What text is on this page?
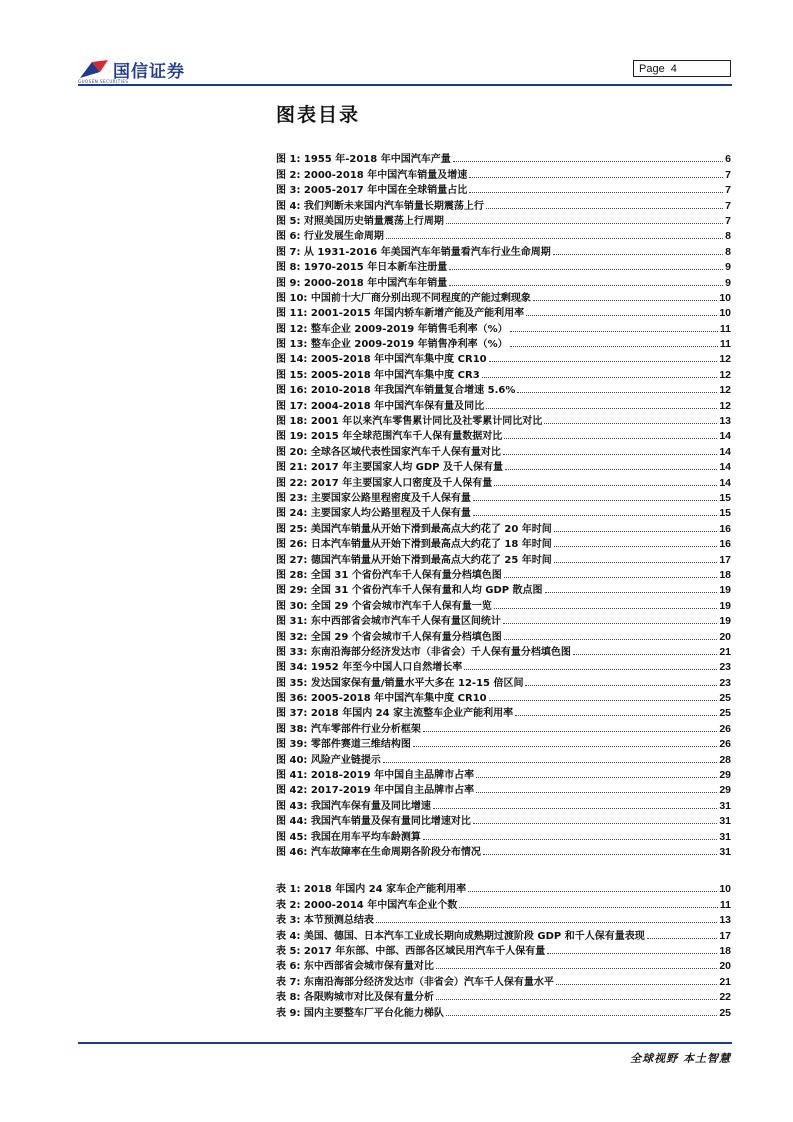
国信证券
GUOSEN SECURITIES
Page 4
图表目录
图 1: 1955 年-2018 年中国汽车产量	6
图 2: 2000-2018 年中国汽车销量及增速	7
图 3: 2005-2017 年中国在全球销量占比	7
图 4: 我们判断未来国内汽车销量长期震荡上行	7
图 5: 对照美国历史销量震荡上行周期	7
图 6: 行业发展生命周期	8
图 7: 从 1931-2016 年美国汽车年销量看汽车行业生命周期	8
图 8: 1970-2015 年日本新车注册量	9
图 9: 2000-2018 年中国汽车年销量	9
图 10: 中国前十大厂商分别出现不同程度的产能过剩现象	10
图 11: 2001-2015 年国内轿车新增产能及产能利用率	10
图 12: 整车企业 2009-2019 年销售毛利率（%）	11
图 13: 整车企业 2009-2019 年销售净利率（%）	11
图 14: 2005-2018 年中国汽车集中度 CR10	12
图 15: 2005-2018 年中国汽车集中度 CR3	12
图 16: 2010-2018 年我国汽车销量复合增速 5.6%	12
图 17: 2004-2018 年中国汽车保有量及同比	12
图 18: 2001 年以来汽车零售累计同比及社零累计同比对比	13
图 19: 2015 年全球范围汽车千人保有量数据对比	14
图 20: 全球各区域代表性国家汽车千人保有量对比	14
图 21: 2017 年主要国家人均 GDP 及千人保有量	14
图 22: 2017 年主要国家人口密度及千人保有量	14
图 23: 主要国家公路里程密度及千人保有量	15
图 24: 主要国家人均公路里程及千人保有量	15
图 25: 美国汽车销量从开始下滑到最高点大约花了 20 年时间	16
图 26: 日本汽车销量从开始下滑到最高点大约花了 18 年时间	16
图 27: 德国汽车销量从开始下滑到最高点大约花了 25 年时间	17
图 28: 全国 31 个省份汽车千人保有量分档填色图	18
图 29: 全国 31 个省份汽车千人保有量和人均 GDP 散点图	19
图 30: 全国 29 个省会城市汽车千人保有量一览	19
图 31: 东中西部省会城市汽车千人保有量区间统计	19
图 32: 全国 29 个省会城市千人保有量分档填色图	20
图 33: 东南沿海部分经济发达市（非省会）千人保有量分档填色图	21
图 34: 1952 年至今中国人口自然增长率	23
图 35: 发达国家保有量/销量水平大多在 12-15 倍区间	23
图 36: 2005-2018 年中国汽车集中度 CR10	25
图 37: 2018 年国内 24 家主流整车企业产能利用率	25
图 38: 汽车零部件行业分析框架	26
图 39: 零部件赛道三维结构图	26
图 40: 风险产业链提示	28
图 41: 2018-2019 年中国自主品牌市占率	29
图 42: 2017-2019 年中国自主品牌市占率	29
图 43: 我国汽车保有量及同比增速	31
图 44: 我国汽车销量及保有量同比增速对比	31
图 45: 我国在用车平均车龄测算	31
图 46: 汽车故障率在生命周期各阶段分布情况	31
表 1: 2018 年国内 24 家车企产能利用率	10
表 2: 2000-2014 年中国汽车企业个数	11
表 3: 本节预测总结表	13
表 4: 美国、德国、日本汽车工业成长期向成熟期过渡阶段 GDP 和千人保有量表现	17
表 5: 2017 年东部、中部、西部各区域民用汽车千人保有量	18
表 6: 东中西部省会城市保有量对比	20
表 7: 东南沿海部分经济发达市（非省会）汽车千人保有量水平	21
表 8: 各限购城市对比及保有量分析	22
表 9: 国内主要整车厂平台化能力梯队	25
全球视野 本土智慧
